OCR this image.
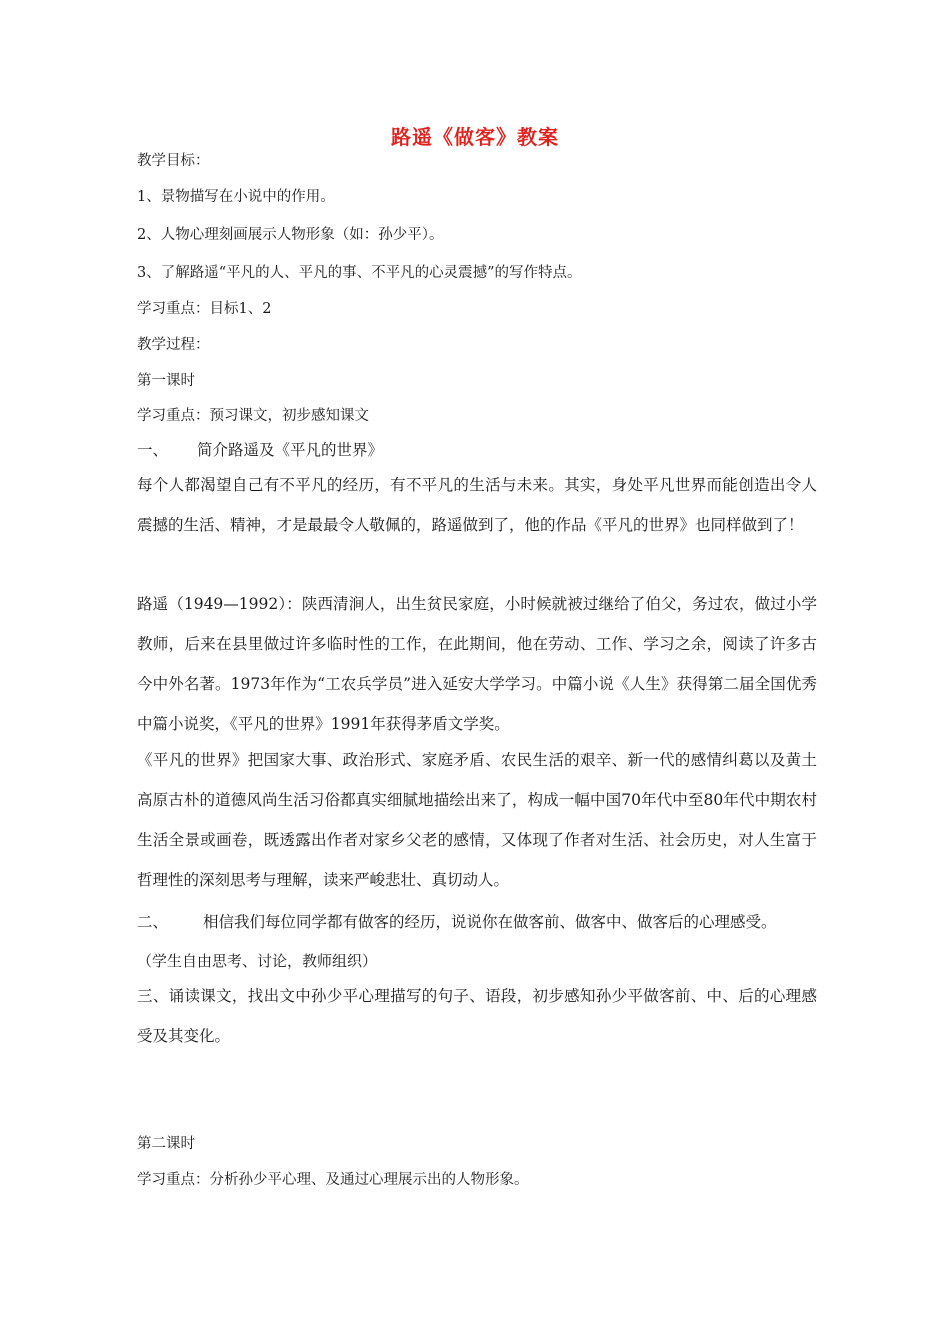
路遥《做客》教案
教学目标：
1、景物描写在小说中的作用。
2、人物心理刻画展示人物形象（如：孙少平）。
3、了解路遥“平凡的人、平凡的事、不平凡的心灵震撼”的写作特点。
学习重点：目标1、2
教学过程：
第一课时
学习重点：预习课文，初步感知课文
一、 简介路遥及《平凡的世界》

每个人都渴望自己有不平凡的经历，有不平凡的生活与未来。其实，身处平凡世界而能创造出令人震撼的生活、精神，才是最最令人敬佩的，路遥做到了，他的作品《平凡的世界》也同样做到了！

路遥（1949—1992）：陕西清涧人，出生贫民家庭，小时候就被过继给了伯父，务过农，做过小学教师，后来在县里做过许多临时性的工作，在此期间，他在劳动、工作、学习之余，阅读了许多古今中外名著。1973年作为“工农兵学员”进入延安大学学习。中篇小说《人生》获得第二届全国优秀中篇小说奖，《平凡的世界》1991年获得茅盾文学奖。

《平凡的世界》把国家大事、政治形式、家庭矛盾、农民生活的艰辛、新一代的感情纠葛以及黄土高原古朴的道德风尚生活习俗都真实细腻地描绘出来了，构成一幅中国70年代中至80年代中期农村生活全景或画卷，既透露出作者对家乡父老的感情，又体现了作者对生活、社会历史，对人生富于哲理性的深刻思考与理解，读来严峻悲壮、真切动人。

二、 相信我们每位同学都有做客的经历，说说你在做客前、做客中、做客后的心理感受。
（学生自由思考、讨论，教师组织）

三、诵读课文，找出文中孙少平心理描写的句子、语段，初步感知孙少平做客前、中、后的心理感受及其变化。

第二课时
学习重点：分析孙少平心理、及通过心理展示出的人物形象。
